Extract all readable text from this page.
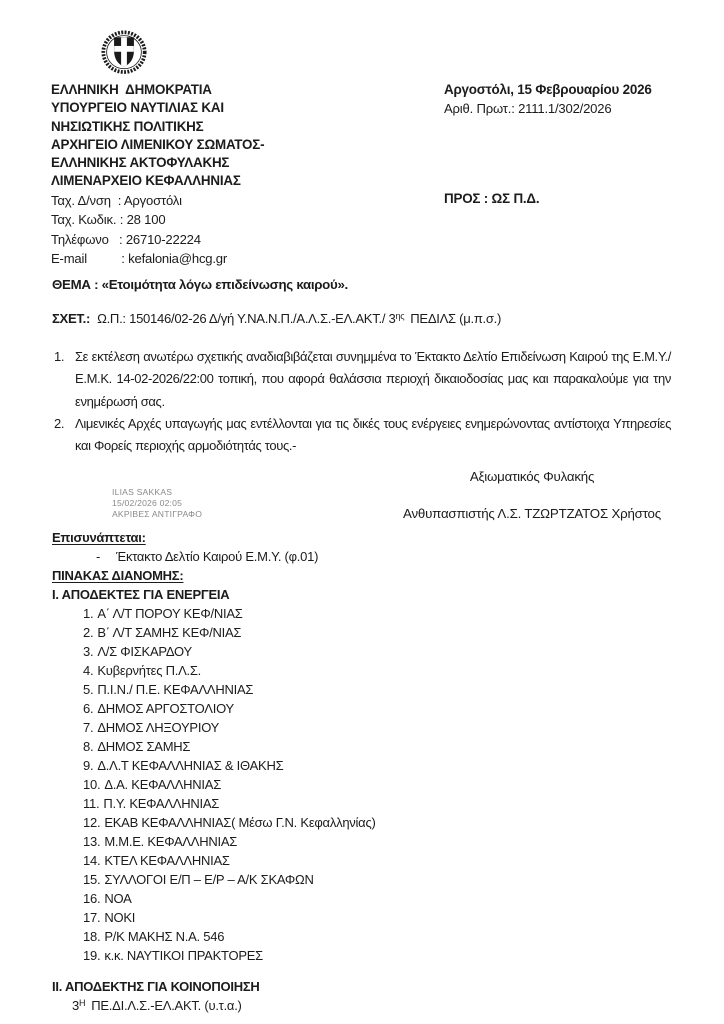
ΕΛΛΗΝΙΚΗ  ΔΗΜΟΚΡΑΤΙΑ
ΥΠΟΥΡΓΕΙΟ ΝΑΥΤΙΛΙΑΣ ΚΑΙ
ΝΗΣΙΩΤΙΚΗΣ ΠΟΛΙΤΙΚΗΣ
ΑΡΧΗΓΕΙΟ ΛΙΜΕΝΙΚΟΥ ΣΩΜΑΤΟΣ-
ΕΛΛΗΝΙΚΗΣ ΑΚΤΟΦΥΛΑΚΗΣ
ΛΙΜΕΝΑΡΧΕΙΟ ΚΕΦΑΛΛΗΝΙΑΣ
Ταχ. Δ/νση  : Αργοστόλι
Ταχ. Κωδικ. : 28 100
Τηλέφωνο   : 26710-22224
E-mail          : kefalonia@hcg.gr
Αργοστόλι, 15 Φεβρουαρίου 2026
Αριθ. Πρωτ.: 2111.1/302/2026
ΠΡΟΣ : ΩΣ Π.Δ.
ΘΕΜΑ : «Ετοιμότητα λόγω επιδείνωσης καιρού».
ΣΧΕΤ.: Ω.Π.: 150146/02-26 Δ/γή Υ.ΝΑ.Ν.Π./Α.Λ.Σ.-ΕΛ.ΑΚΤ./ $3^{\eta\varsigma}$ ΠΕΔΙΛΣ (μ.π.σ.)
1. Σε εκτέλεση ανωτέρω σχετικής αναδιαβιβάζεται συνημμένα το Έκτακτο Δελτίο Επιδείνωση Καιρού της Ε.Μ.Υ./ Ε.Μ.Κ. 14-02-2026/22:00 τοπική, που αφορά θαλάσσια περιοχή δικαιοδοσίας μας και παρακαλούμε για την ενημέρωσή σας.
2. Λιμενικές Αρχές υπαγωγής μας εντέλλονται για τις δικές τους ενέργειες ενημερώνοντας αντίστοιχα Υπηρεσίες και Φορείς περιοχής αρμοδιότητάς τους.-
ILIAS SAKKAS
15/02/2026 02:05
ΑΚΡΙΒΕΣ ΑΝΤΙΓΡΑΦΟ
Αξιωματικός Φυλακής
Ανθυπασπιστής Λ.Σ. ΤΖΩΡΤΖΑΤΟΣ Χρήστος
Επισυνάπτεται:
-	Έκτακτο Δελτίο Καιρού Ε.Μ.Υ. (φ.01)
ΠΙΝΑΚΑΣ ΔΙΑΝΟΜΗΣ:
Ι. ΑΠΟΔΕΚΤΕΣ ΓΙΑ ΕΝΕΡΓΕΙΑ
1. Α΄ Λ/Τ ΠΟΡΟΥ ΚΕΦ/ΝΙΑΣ
2. Β΄ Λ/Τ ΣΑΜΗΣ ΚΕΦ/ΝΙΑΣ
3. Λ/Σ ΦΙΣΚΑΡΔΟΥ
4. Κυβερνήτες Π.Λ.Σ.
5. Π.Ι.Ν./ Π.Ε. ΚΕΦΑΛΛΗΝΙΑΣ
6. ΔΗΜΟΣ ΑΡΓΟΣΤΟΛΙΟΥ
7. ΔΗΜΟΣ ΛΗΞΟΥΡΙΟΥ
8. ΔΗΜΟΣ ΣΑΜΗΣ
9. Δ.Λ.Τ ΚΕΦΑΛΛΗΝΙΑΣ & ΙΘΑΚΗΣ
10. Δ.Α. ΚΕΦΑΛΛΗΝΙΑΣ
11. Π.Υ. ΚΕΦΑΛΛΗΝΙΑΣ
12. ΕΚΑΒ ΚΕΦΑΛΛΗΝΙΑΣ( Μέσω Γ.Ν. Κεφαλληνίας)
13. Μ.Μ.Ε. ΚΕΦΑΛΛΗΝΙΑΣ
14. ΚΤΕΛ ΚΕΦΑΛΛΗΝΙΑΣ
15. ΣΥΛΛΟΓΟΙ Ε/Π – Ε/Ρ – Α/Κ ΣΚΑΦΩΝ
16. ΝΟΑ
17. ΝΟΚΙ
18. Ρ/Κ ΜΑΚΗΣ Ν.Α. 546
19. κ.κ. ΝΑΥΤΙΚΟΙ ΠΡΑΚΤΟΡΕΣ
ΙΙ. ΑΠΟΔΕΚΤΗΣ ΓΙΑ ΚΟΙΝΟΠΟΙΗΣΗ
$3^H$ ΠΕ.ΔΙ.Λ.Σ.-ΕΛ.ΑΚΤ. (υ.τ.α.)
